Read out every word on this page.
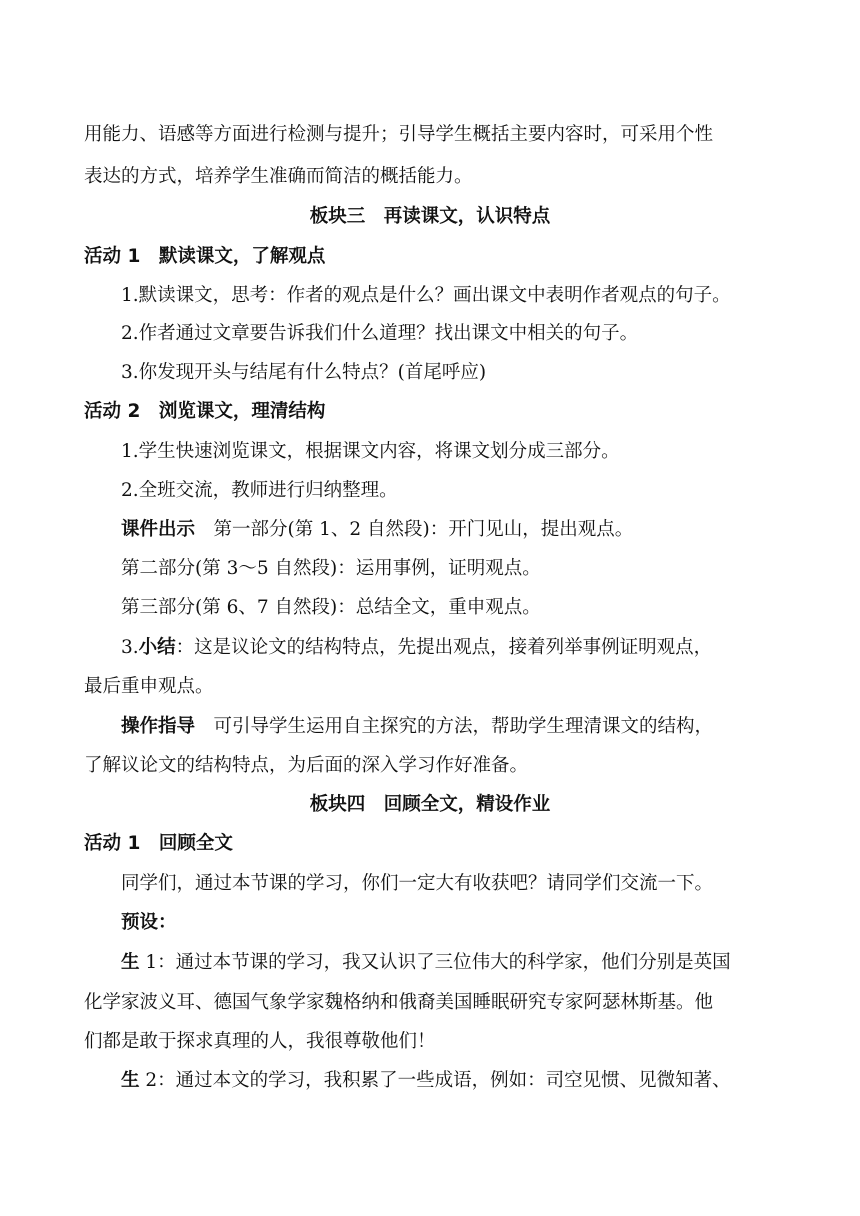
用能力、语感等方面进行检测与提升；引导学生概括主要内容时，可采用个性
表达的方式，培养学生准确而简洁的概括能力。
板块三　再读课文，认识特点
活动 1　默读课文，了解观点
1.默读课文，思考：作者的观点是什么？画出课文中表明作者观点的句子。
2.作者通过文章要告诉我们什么道理？找出课文中相关的句子。
3.你发现开头与结尾有什么特点？(首尾呼应)
活动 2　浏览课文，理清结构
1.学生快速浏览课文，根据课文内容，将课文划分成三部分。
2.全班交流，教师进行归纳整理。
课件出示　第一部分(第 1、2 自然段)：开门见山，提出观点。
第二部分(第 3～5 自然段)：运用事例，证明观点。
第三部分(第 6、7 自然段)：总结全文，重申观点。
3.小结：这是议论文的结构特点，先提出观点，接着列举事例证明观点，
最后重申观点。
操作指导　可引导学生运用自主探究的方法，帮助学生理清课文的结构，
了解议论文的结构特点，为后面的深入学习作好准备。
板块四　回顾全文，精设作业
活动 1　回顾全文
同学们，通过本节课的学习，你们一定大有收获吧？请同学们交流一下。
预设：
生 1：通过本节课的学习，我又认识了三位伟大的科学家，他们分别是英国
化学家波义耳、德国气象学家魏格纳和俄裔美国睡眠研究专家阿瑟林斯基。他
们都是敢于探求真理的人，我很尊敬他们！
生 2：通过本文的学习，我积累了一些成语，例如：司空见惯、见微知著、
